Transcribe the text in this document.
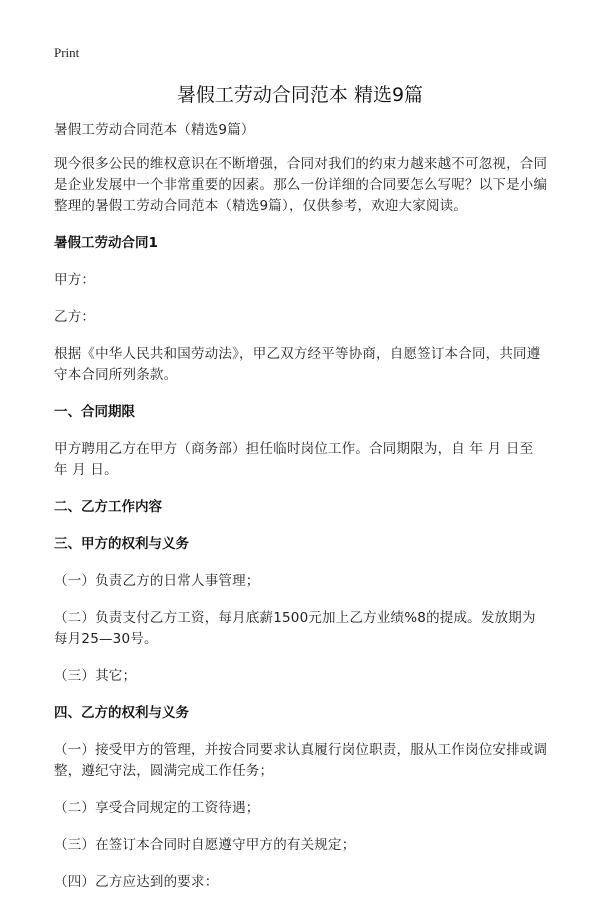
Print
暑假工劳动合同范本 精选9篇

暑假工劳动合同范本（精选9篇）

现今很多公民的维权意识在不断增强，合同对我们的约束力越来越不可忽视，合同是企业发展中一个非常重要的因素。那么一份详细的合同要怎么写呢？以下是小编整理的暑假工劳动合同范本（精选9篇），仅供参考，欢迎大家阅读。

暑假工劳动合同1

甲方：

乙方：

根据《中华人民共和国劳动法》，甲乙双方经平等协商，自愿签订本合同，共同遵守本合同所列条款。

一、合同期限

甲方聘用乙方在甲方（商务部）担任临时岗位工作。合同期限为，自 年 月 日至 年 月 日。

二、乙方工作内容

三、甲方的权利与义务

（一）负责乙方的日常人事管理；

（二）负责支付乙方工资，每月底薪1500元加上乙方业绩%8的提成。发放期为每月25—30号。

（三）其它；

四、乙方的权利与义务

（一）接受甲方的管理，并按合同要求认真履行岗位职责，服从工作岗位安排或调整，遵纪守法，圆满完成工作任务；

（二）享受合同规定的工资待遇；

（三）在签订本合同时自愿遵守甲方的有关规定；

（四）乙方应达到的要求：
